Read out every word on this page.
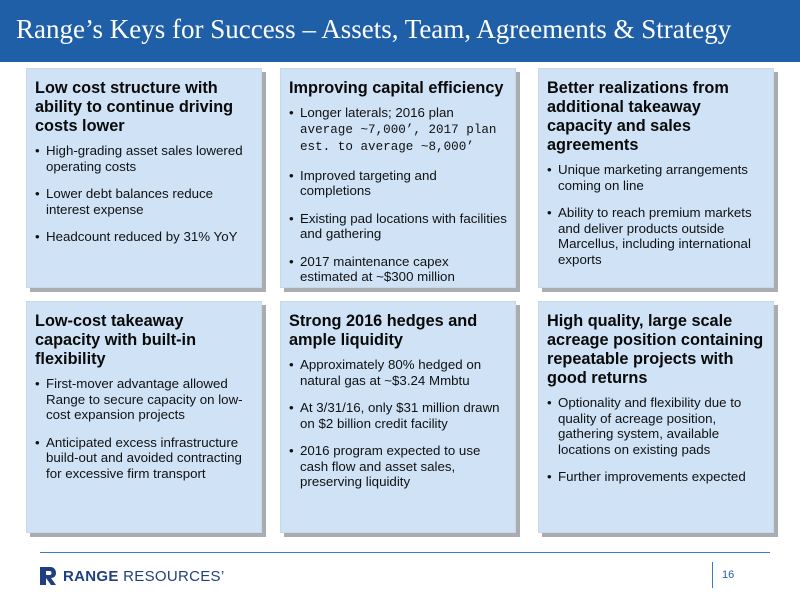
Range’s Keys for Success – Assets, Team, Agreements & Strategy

Low cost structure with ability to continue driving costs lower

• High-grading asset sales lowered operating costs
• Lower debt balances reduce interest expense
• Headcount reduced by 31% YoY

Improving capital efficiency

• Longer laterals; 2016 plan
average ~7,000’, 2017 plan est. to average ~8,000’
• Improved targeting and completions
• Existing pad locations with facilities and gathering
• 2017 maintenance capex estimated at ~$300 million

Better realizations from additional takeaway capacity and sales agreements

• Unique marketing arrangements coming on line
• Ability to reach premium markets and deliver products outside Marcellus, including international exports

Low-cost takeaway capacity with built-in flexibility

• First-mover advantage allowed Range to secure capacity on low-cost expansion projects
• Anticipated excess infrastructure build-out and avoided contracting for excessive firm transport

Strong 2016 hedges and ample liquidity

• Approximately 80% hedged on natural gas at ~$3.24 Mmbtu
• At 3/31/16, only $31 million drawn on $2 billion credit facility
• 2016 program expected to use cash flow and asset sales, preserving liquidity

High quality, large scale acreage position containing repeatable projects with good returns

• Optionality and flexibility due to quality of acreage position, gathering system, available locations on existing pads
• Further improvements expected
RANGE RESOURCES’	16
